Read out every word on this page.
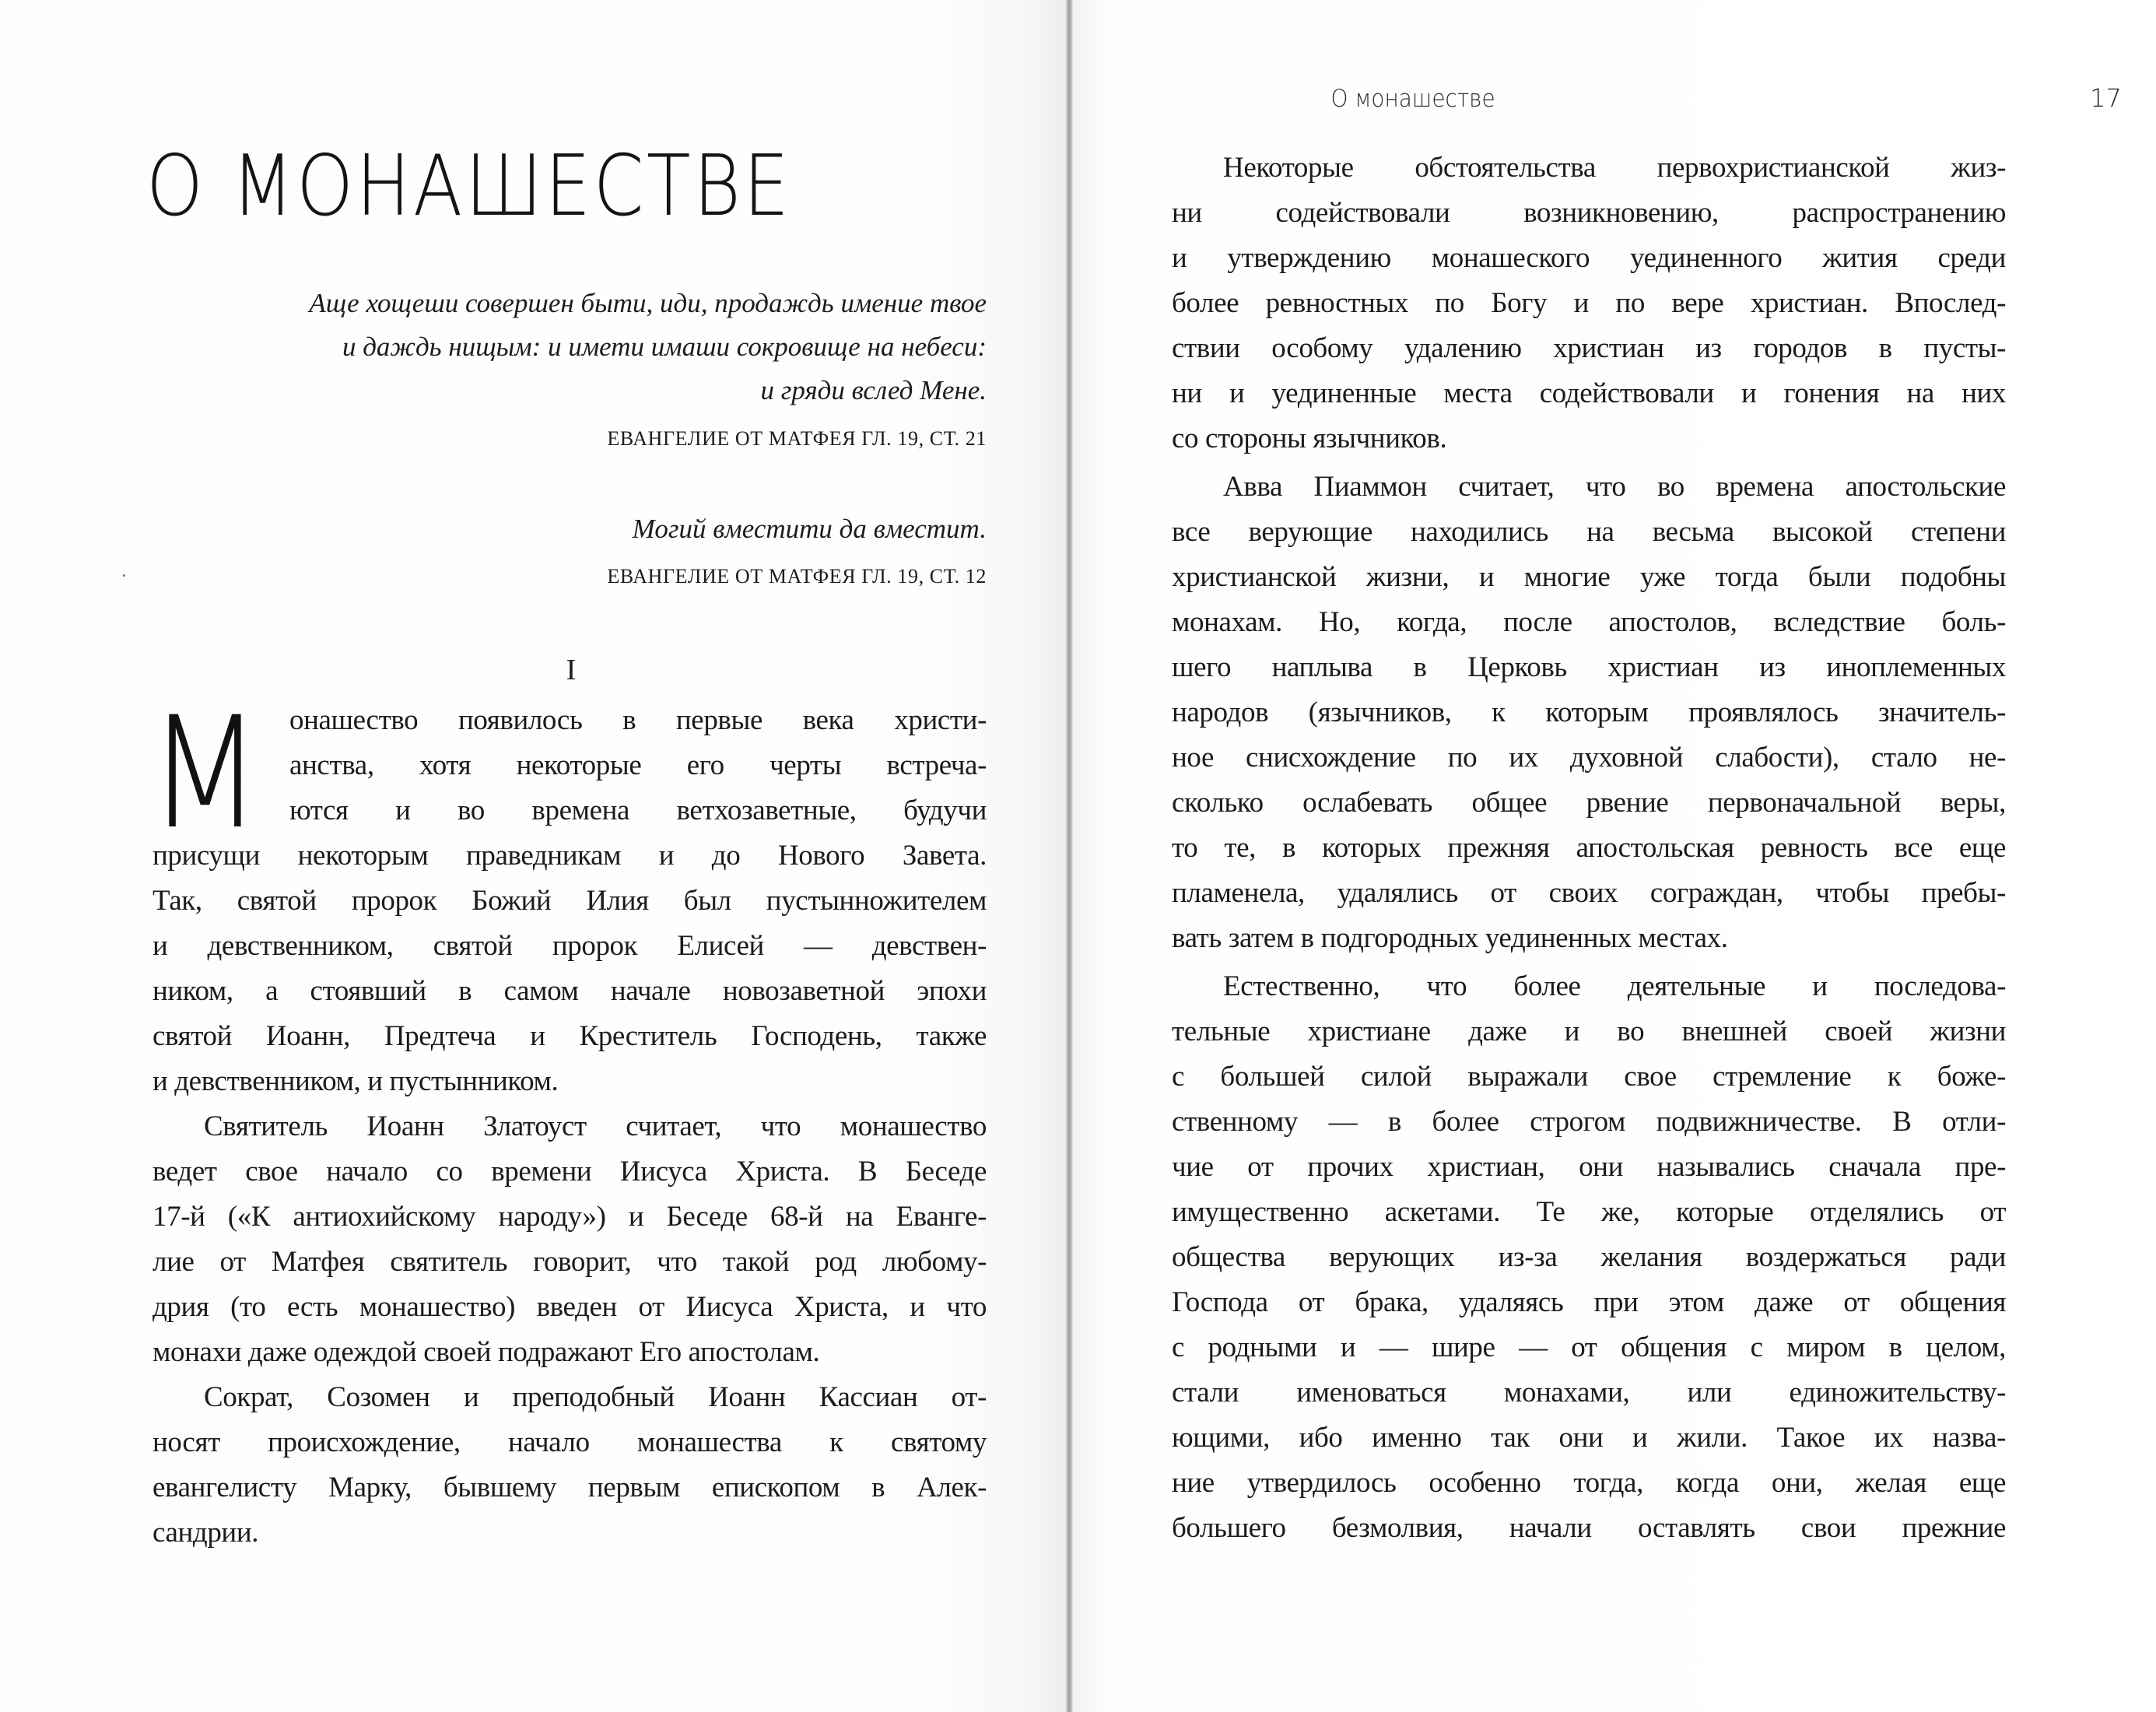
О МОНАШЕСТВЕ
Аще хощеши совершен быти, иди, продаждь имение твое
и даждь нищым: и имети имаши сокровище на небеси:
и гряди вслед Мене.
ЕВАНГЕЛИЕ ОТ МАТФЕЯ ГЛ. 19, СТ. 21
Могий вместити да вместит.
ЕВАНГЕЛИЕ ОТ МАТФЕЯ ГЛ. 19, СТ. 12
I
М онашество появилось в первые века христи-
анства, хотя некоторые его черты встреча-
ются и во времена ветхозаветные, будучи
присущи некоторым праведникам и до Нового Завета.
Так, святой пророк Божий Илия был пустынножителем
и девственником, святой пророк Елисей — девствен-
ником, а стоявший в самом начале новозаветной эпохи
святой Иоанн, Предтеча и Креститель Господень, также
и девственником, и пустынником.
Святитель Иоанн Златоуст считает, что монашество
ведет свое начало со времени Иисуса Христа. В Беседе
17-й («К антиохийскому народу») и Беседе 68-й на Еванге-
лие от Матфея святитель говорит, что такой род любому-
дрия (то есть монашество) введен от Иисуса Христа, и что
монахи даже одеждой своей подражают Его апостолам.
Сократ, Созомен и преподобный Иоанн Кассиан от-
носят происхождение, начало монашества к святому
евангелисту Марку, бывшему первым епископом в Алек-
сандрии.
О монашестве	17
Некоторые обстоятельства первохристианской жиз-
ни содействовали возникновению, распространению
и утверждению монашеского уединенного жития среди
более ревностных по Богу и по вере христиан. Впослед-
ствии особому удалению христиан из городов в пусты-
ни и уединенные места содействовали и гонения на них
со стороны язычников.
Авва Пиаммон считает, что во времена апостольские
все верующие находились на весьма высокой степени
христианской жизни, и многие уже тогда были подобны
монахам. Но, когда, после апостолов, вследствие боль-
шего наплыва в Церковь христиан из иноплеменных
народов (язычников, к которым проявлялось значитель-
ное снисхождение по их духовной слабости), стало не-
сколько ослабевать общее рвение первоначальной веры,
то те, в которых прежняя апостольская ревность все еще
пламенела, удалялись от своих сограждан, чтобы пребы-
вать затем в подгородных уединенных местах.
Естественно, что более деятельные и последова-
тельные христиане даже и во внешней своей жизни
с большей силой выражали свое стремление к боже-
ственному — в более строгом подвижничестве. В отли-
чие от прочих христиан, они назывались сначала пре-
имущественно аскетами. Те же, которые отделялись от
общества верующих из-за желания воздержаться ради
Господа от брака, удаляясь при этом даже от общения
с родными и — шире — от общения с миром в целом,
стали именоваться монахами, или единожительству-
ющими, ибо именно так они и жили. Такое их назва-
ние утвердилось особенно тогда, когда они, желая еще
большего безмолвия, начали оставлять свои прежние
